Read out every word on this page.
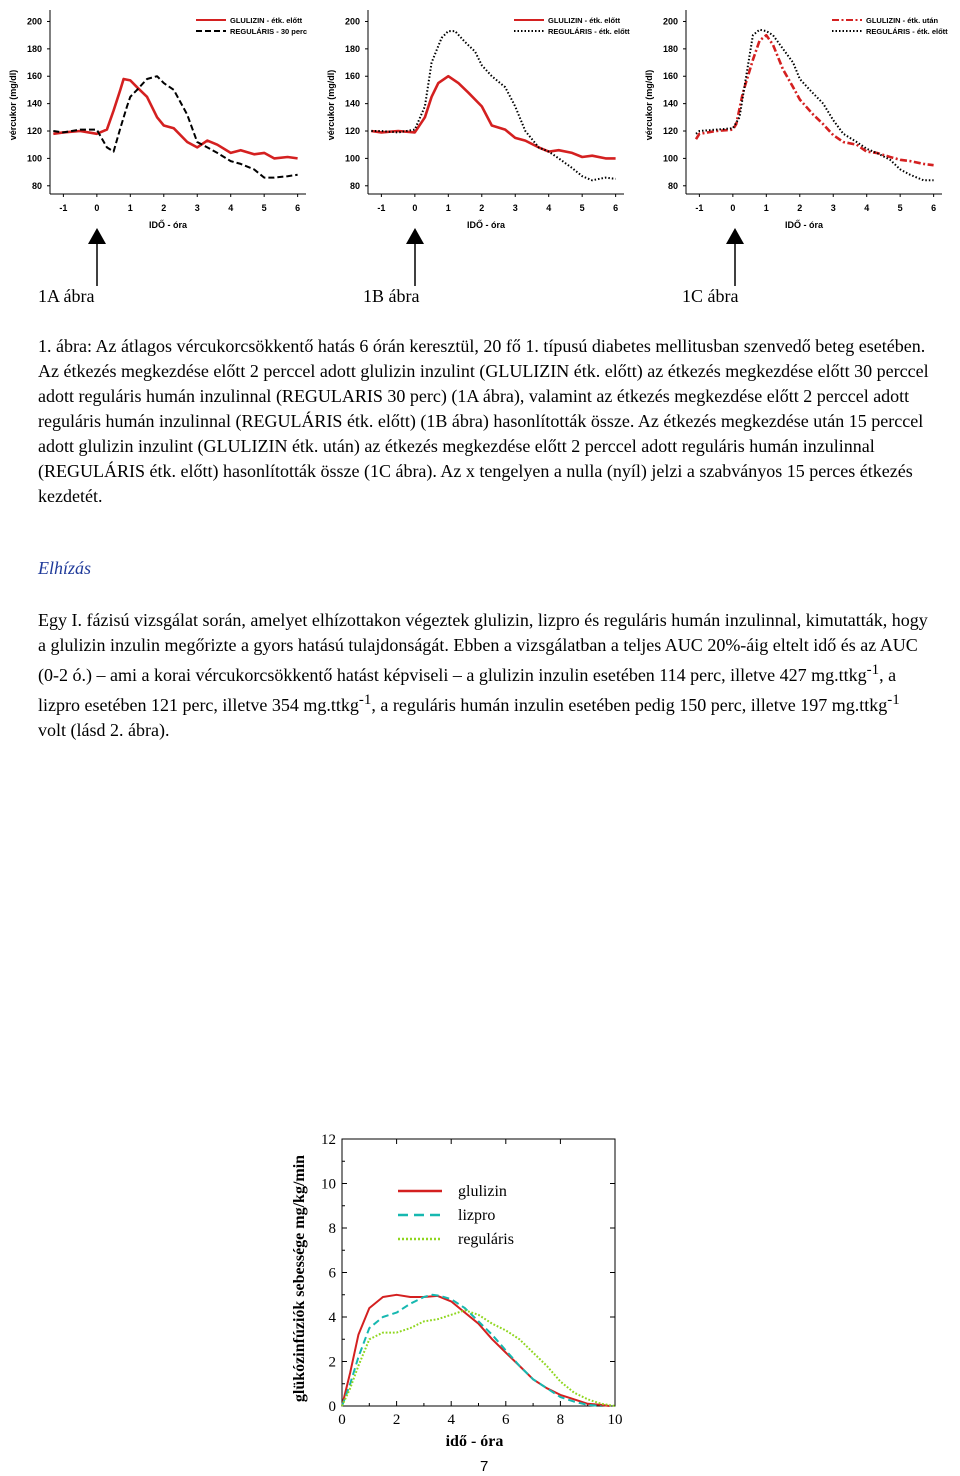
200
180
160
140
120
100
80
-1	0	1	2	3	4	5	6
vércukor (mg/dl)
IDŐ - óra
GLULIZIN - étk. előtt
REGULÁRIS - 30 perc
200
180
160
140
120
100
80
-1	0	1	2	3	4	5	6
vércukor (mg/dl)
IDŐ - óra
GLULIZIN - étk. előtt
REGULÁRIS - étk. előtt
200
180
160
140
120
100
80
-1	0	1	2	3	4	5	6
vércukor (mg/dl)
IDŐ - óra
GLULIZIN - étk. után
REGULÁRIS - étk. előtt
1A ábra	1B ábra	1C ábra

1. ábra: Az átlagos vércukorcsökkentő hatás 6 órán keresztül, 20 fő 1. típusú diabetes mellitusban szenvedő beteg esetében. Az étkezés megkezdése előtt 2 perccel adott glulizin inzulint (GLULIZIN étk. előtt) az étkezés megkezdése előtt 30 perccel adott reguláris humán inzulinnal (REGULARIS 30 perc) (1A ábra), valamint az étkezés megkezdése előtt 2 perccel adott reguláris humán inzulinnal (REGULÁRIS étk. előtt) (1B ábra) hasonlították össze. Az étkezés megkezdése után 15 perccel adott glulizin inzulint (GLULIZIN étk. után) az étkezés megkezdése előtt 2 perccel adott reguláris humán inzulinnal (REGULÁRIS étk. előtt) hasonlították össze (1C ábra). Az x tengelyen a nulla (nyíl) jelzi a szabványos 15 perces étkezés kezdetét.

Elhízás

Egy I. fázisú vizsgálat során, amelyet elhízottakon végeztek glulizin, lizpro és reguláris humán inzulinnal, kimutatták, hogy a glulizin inzulin megőrizte a gyors hatású tulajdonságát. Ebben a vizsgálatban a teljes AUC 20%-áig eltelt idő és az AUC (0-2 ó.) – ami a korai vércukorcsökkentő hatást képviseli – a glulizin inzulin esetében 114 perc, illetve 427 mg.ttkg$^{-1}$, a lizpro esetében 121 perc, illetve 354 mg.ttkg$^{-1}$, a reguláris humán inzulin esetében pedig 150 perc, illetve 197 mg.ttkg$^{-1}$ volt (lásd 2. ábra).

0
2
4
6
8
10
12
0	2	4	6	8	10
glükózinfúziók sebessége mg/kg/min
idő - óra
glulizin
lizpro
reguláris
7
